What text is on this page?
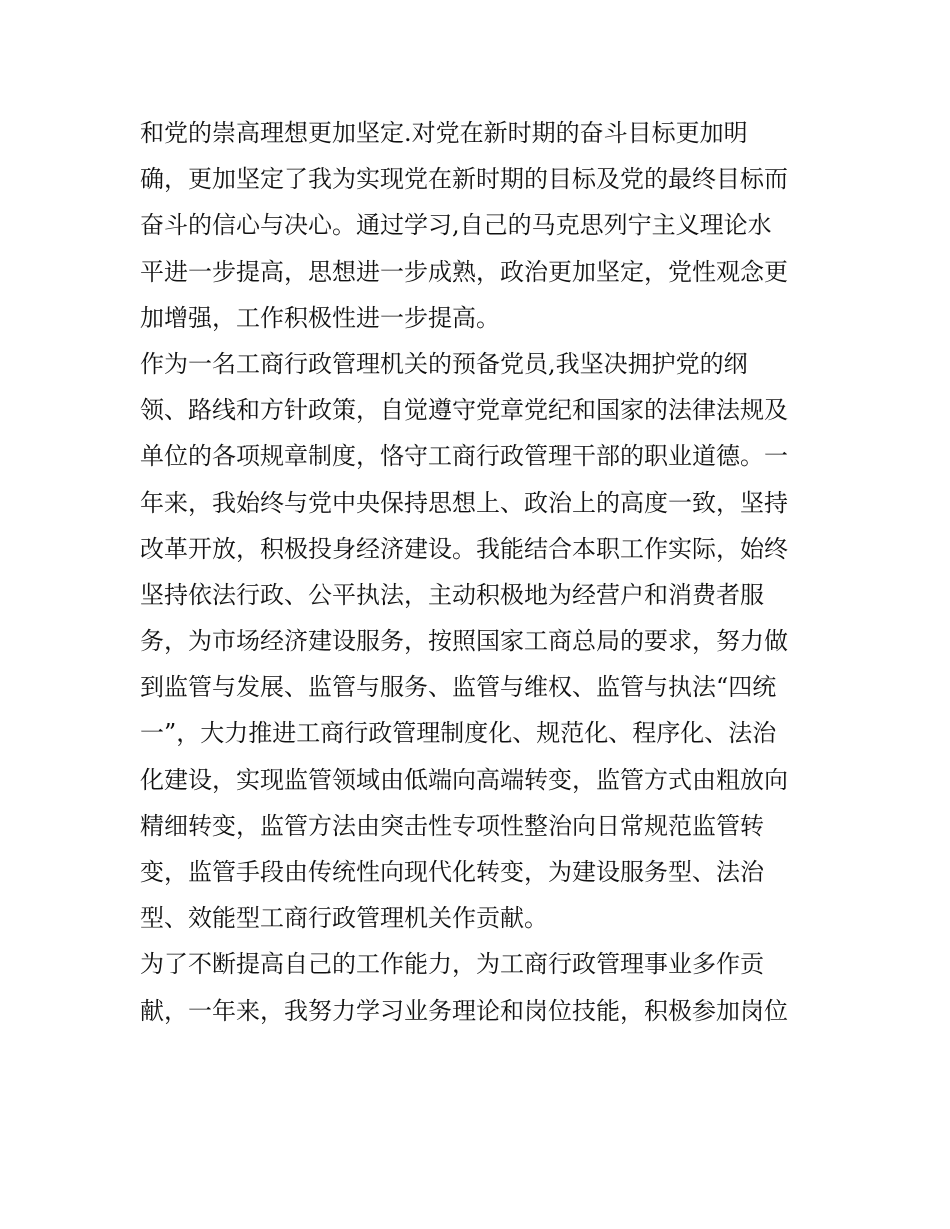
和党的崇高理想更加坚定.对党在新时期的奋斗目标更加明
确，更加坚定了我为实现党在新时期的目标及党的最终目标而
奋斗的信心与决心。通过学习,自己的马克思列宁主义理论水
平进一步提高，思想进一步成熟，政治更加坚定，党性观念更
加增强，工作积极性进一步提高。
作为一名工商行政管理机关的预备党员,我坚决拥护党的纲
领、路线和方针政策，自觉遵守党章党纪和国家的法律法规及
单位的各项规章制度，恪守工商行政管理干部的职业道德。一
年来，我始终与党中央保持思想上、政治上的高度一致，坚持
改革开放，积极投身经济建设。我能结合本职工作实际，始终
坚持依法行政、公平执法，主动积极地为经营户和消费者服
务，为市场经济建设服务，按照国家工商总局的要求，努力做
到监管与发展、监管与服务、监管与维权、监管与执法“四统
一”，大力推进工商行政管理制度化、规范化、程序化、法治
化建设，实现监管领域由低端向高端转变，监管方式由粗放向
精细转变，监管方法由突击性专项性整治向日常规范监管转
变，监管手段由传统性向现代化转变，为建设服务型、法治
型、效能型工商行政管理机关作贡献。
为了不断提高自己的工作能力，为工商行政管理事业多作贡
献，一年来，我努力学习业务理论和岗位技能，积极参加岗位
